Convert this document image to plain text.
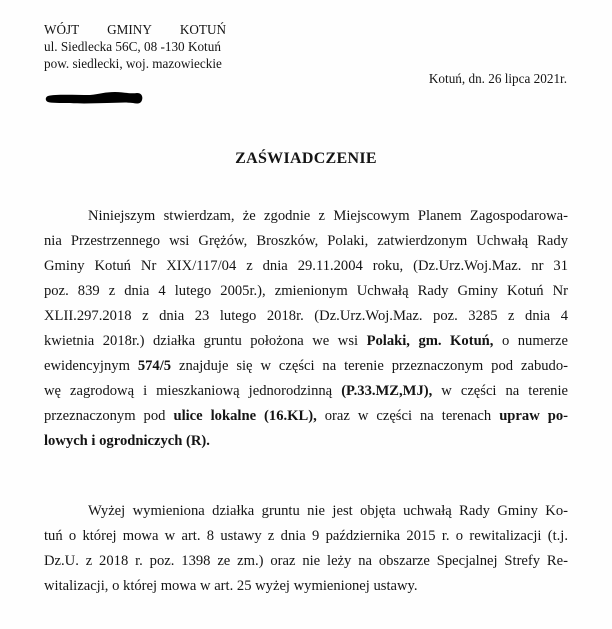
WÓJT GMINY KOTUŃ
ul. Siedlecka 56C, 08 -130 Kotuń
pow. siedlecki, woj. mazowieckie
Kotuń, dn. 26 lipca 2021r.
ZAŚWIADCZENIE
Niniejszym stwierdzam, że zgodnie z Miejscowym Planem Zagospodarowa-
nia Przestrzennego wsi Grężów, Broszków, Polaki, zatwierdzonym Uchwałą Rady
Gminy Kotuń Nr XIX/117/04 z dnia 29.11.2004 roku, (Dz.Urz.Woj.Maz. nr 31
poz. 839 z dnia 4 lutego 2005r.), zmienionym Uchwałą Rady Gminy Kotuń Nr
XLII.297.2018 z dnia 23 lutego 2018r. (Dz.Urz.Woj.Maz. poz. 3285 z dnia 4
kwietnia 2018r.) działka gruntu położona we wsi Polaki, gm. Kotuń, o numerze
ewidencyjnym 574/5 znajduje się w części na terenie przeznaczonym pod zabudo-
wę zagrodową i mieszkaniową jednorodzinną (P.33.MZ,MJ), w części na terenie
przeznaczonym pod ulice lokalne (16.KL), oraz w części na terenach upraw po-
lowych i ogrodniczych (R).
Wyżej wymieniona działka gruntu nie jest objęta uchwałą Rady Gminy Ko-
tuń o której mowa w art. 8 ustawy z dnia 9 października 2015 r. o rewitalizacji (t.j.
Dz.U. z 2018 r. poz. 1398 ze zm.) oraz nie leży na obszarze Specjalnej Strefy Re-
witalizacji, o której mowa w art. 25 wyżej wymienionej ustawy.
